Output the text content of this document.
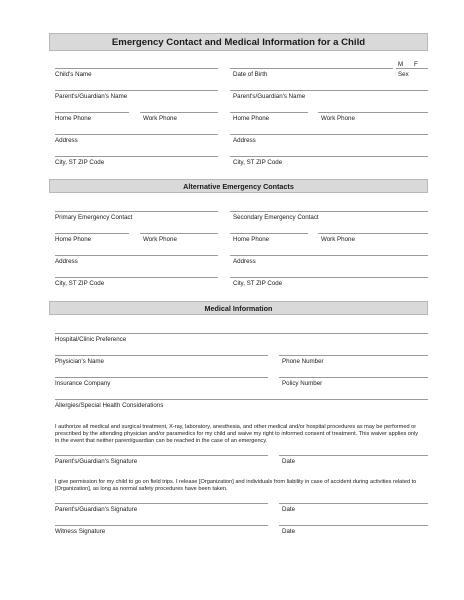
Emergency Contact and Medical Information for a Child
M F
Child's Name	Date of Birth	Sex
Parent's/Guardian's Name	Parent's/Guardian's Name
Home Phone	Work Phone	Home Phone	Work Phone
Address	Address
City, ST ZIP Code	City, ST ZIP Code
Alternative Emergency Contacts
Primary Emergency Contact	Secondary Emergency Contact
Home Phone	Work Phone	Home Phone	Work Phone
Address	Address
City, ST ZIP Code	City, ST ZIP Code
Medical Information
Hospital/Clinic Preference
Physician's Name	Phone Number
Insurance Company	Policy Number
Allergies/Special Health Considerations
I authorize all medical and surgical treatment, X-ray, laboratory, anesthesia, and other medical and/or hospital procedures as may be performed or prescribed by the attending physician and/or paramedics for my child and waive my right to informed consent of treatment. This waiver applies only in the event that neither parent/guardian can be reached in the case of an emergency.
Parent's/Guardian's Signature	Date
I give permission for my child to go on field trips. I release [Organization] and individuals from liability in case of accident during activities related to [Organization], as long as normal safety procedures have been taken.
Parent's/Guardian's Signature	Date
Witness Signature	Date
